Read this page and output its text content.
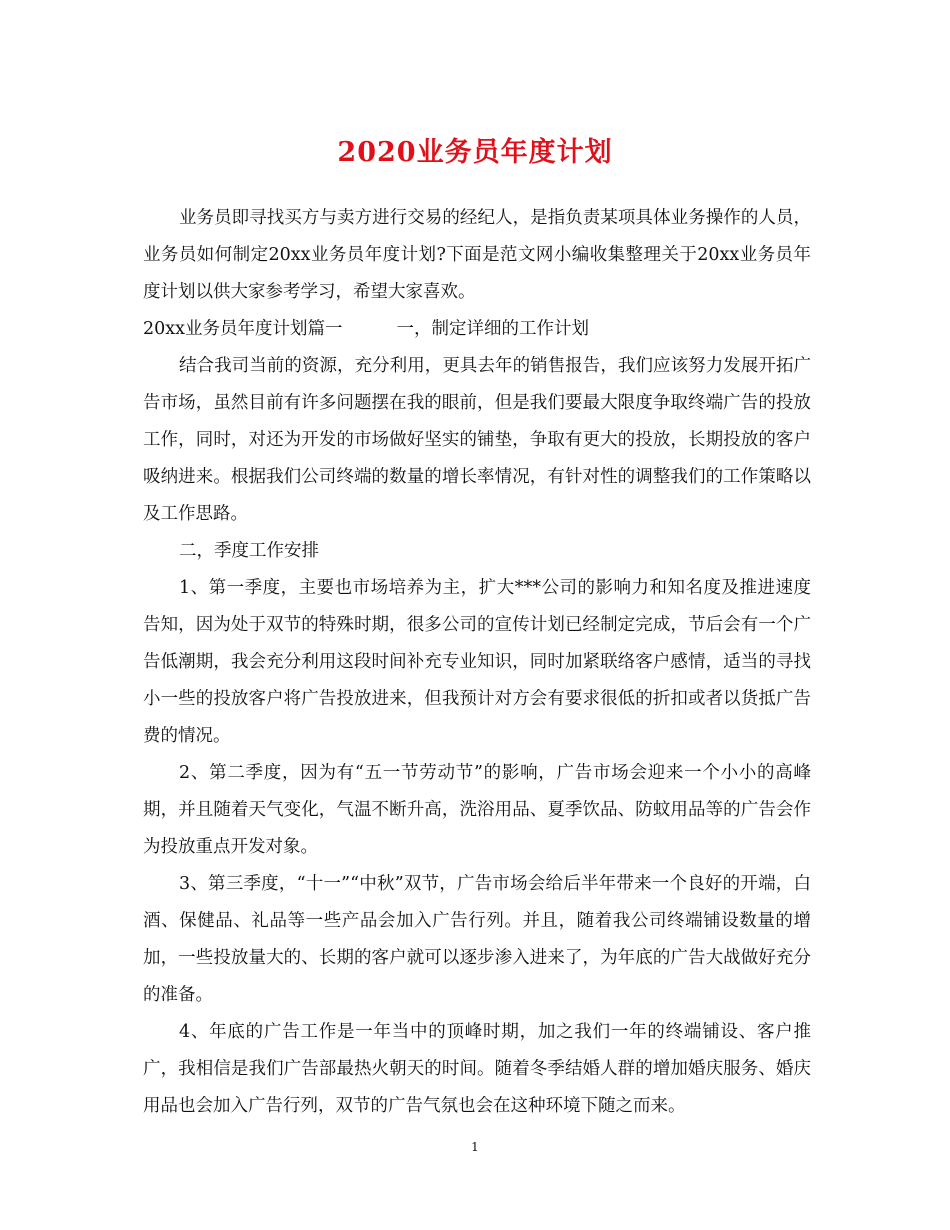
2020业务员年度计划

业务员即寻找买方与卖方进行交易的经纪人，是指负责某项具体业务操作的人员，业务员如何制定20xx业务员年度计划?下面是范文网小编收集整理关于20xx业务员年度计划以供大家参考学习，希望大家喜欢。

20xx业务员年度计划篇一	一，制定详细的工作计划

结合我司当前的资源，充分利用，更具去年的销售报告，我们应该努力发展开拓广告市场，虽然目前有许多问题摆在我的眼前，但是我们要最大限度争取终端广告的投放工作，同时，对还为开发的市场做好坚实的铺垫，争取有更大的投放，长期投放的客户吸纳进来。根据我们公司终端的数量的增长率情况，有针对性的调整我们的工作策略以及工作思路。

二，季度工作安排

1、第一季度，主要也市场培养为主，扩大***公司的影响力和知名度及推进速度告知，因为处于双节的特殊时期，很多公司的宣传计划已经制定完成，节后会有一个广告低潮期，我会充分利用这段时间补充专业知识，同时加紧联络客户感情，适当的寻找小一些的投放客户将广告投放进来，但我预计对方会有要求很低的折扣或者以货抵广告费的情况。

2、第二季度，因为有“五一节劳动节”的影响，广告市场会迎来一个小小的高峰期，并且随着天气变化，气温不断升高，洗浴用品、夏季饮品、防蚊用品等的广告会作为投放重点开发对象。

3、第三季度，“十一”“中秋”双节，广告市场会给后半年带来一个良好的开端，白酒、保健品、礼品等一些产品会加入广告行列。并且，随着我公司终端铺设数量的增加，一些投放量大的、长期的客户就可以逐步渗入进来了，为年底的广告大战做好充分的准备。

4、年底的广告工作是一年当中的顶峰时期，加之我们一年的终端铺设、客户推广，我相信是我们广告部最热火朝天的时间。随着冬季结婚人群的增加婚庆服务、婚庆用品也会加入广告行列，双节的广告气氛也会在这种环境下随之而来。

1
